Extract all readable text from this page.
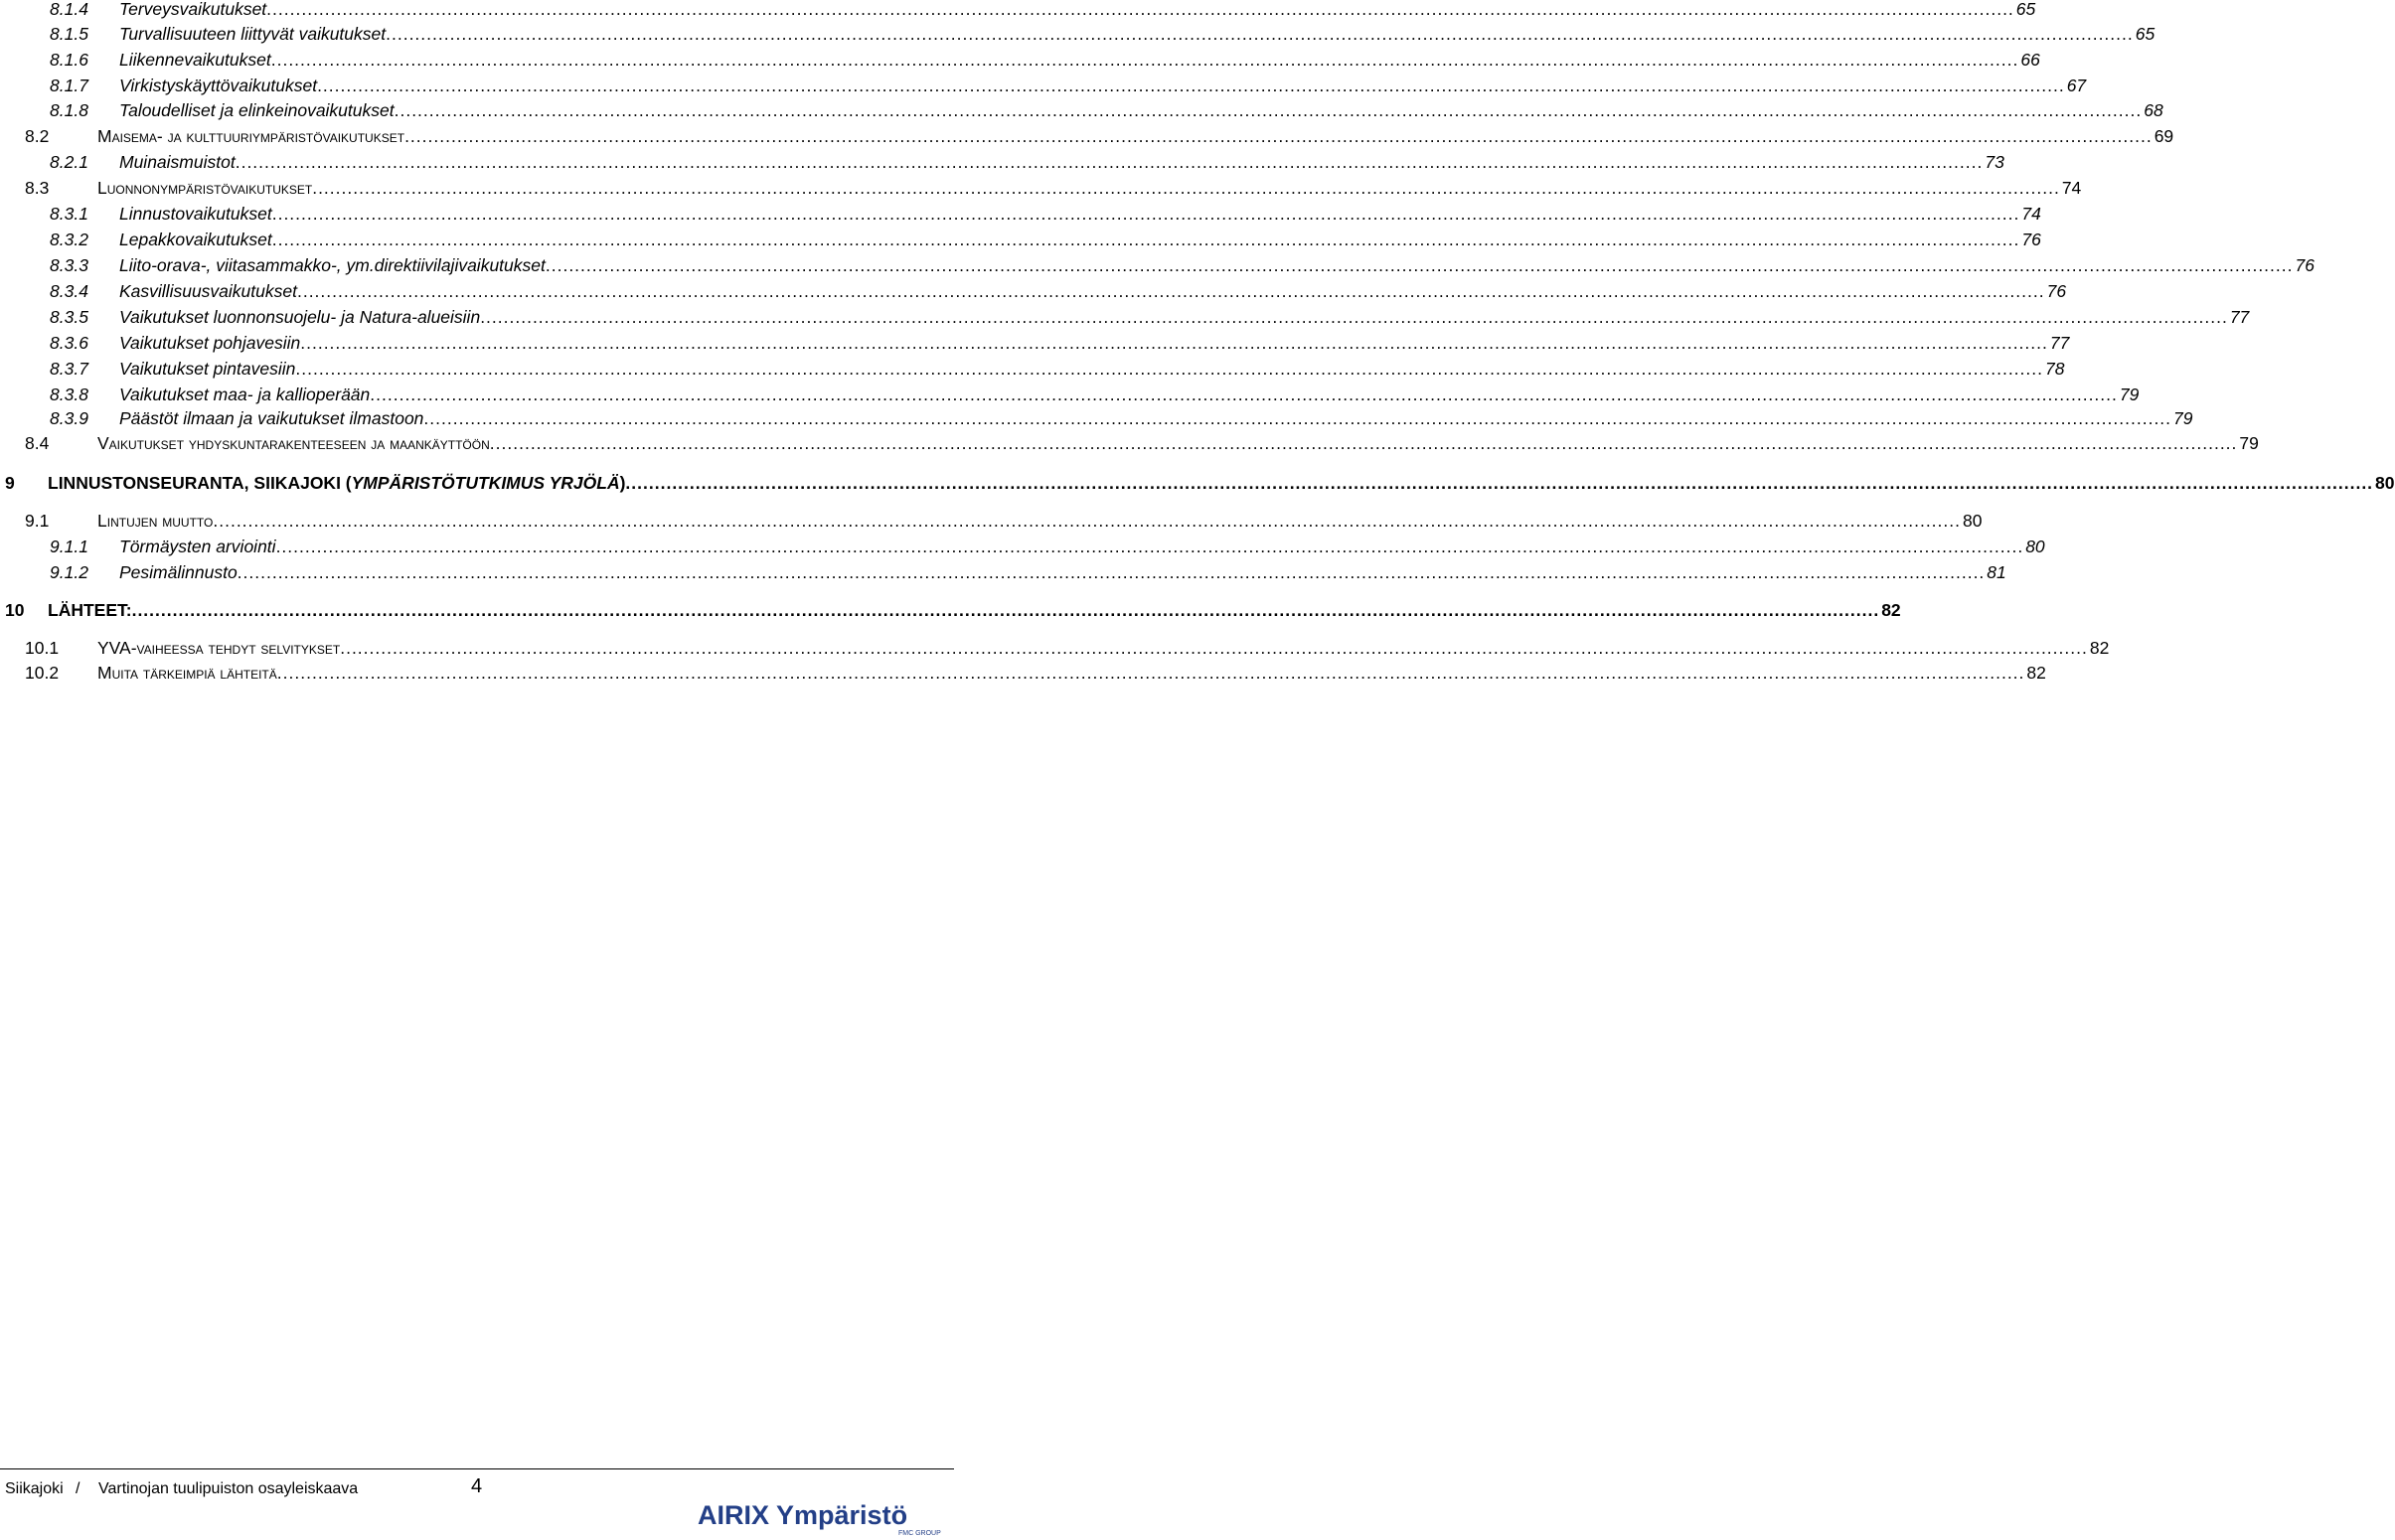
8.1.4 Terveysvaikutukset ............................................................................................................................................................................................................................................................................................................ 65
8.1.5 Turvallisuuteen liittyvät vaikutukset ............................................................................................................................................................................................................................................................................................................ 65
8.1.6 Liikennevaikutukset ............................................................................................................................................................................................................................................................................................................ 66
8.1.7 Virkistyskäyttövaikutukset ............................................................................................................................................................................................................................................................................................................ 67
8.1.8 Taloudelliset ja elinkeinovaikutukset ............................................................................................................................................................................................................................................................................................................ 68
8.2	Maisema- ja kulttuuriympäristövaikutukset ............................................................................................................................................................................................................................................................................................................ 69
8.2.1 Muinaismuistot ............................................................................................................................................................................................................................................................................................................ 73
8.3	Luonnonympäristövaikutukset ............................................................................................................................................................................................................................................................................................................ 74
8.3.1 Linnustovaikutukset ............................................................................................................................................................................................................................................................................................................ 74
8.3.2 Lepakkovaikutukset ............................................................................................................................................................................................................................................................................................................ 76
8.3.3 Liito-orava-, viitasammakko-, ym.direktiivilajivaikutukset ............................................................................................................................................................................................................................................................................................................ 76
8.3.4 Kasvillisuusvaikutukset ............................................................................................................................................................................................................................................................................................................ 76
8.3.5 Vaikutukset luonnonsuojelu- ja Natura-alueisiin ............................................................................................................................................................................................................................................................................................................ 77
8.3.6 Vaikutukset pohjavesiin ............................................................................................................................................................................................................................................................................................................ 77
8.3.7 Vaikutukset pintavesiin ............................................................................................................................................................................................................................................................................................................ 78
8.3.8 Vaikutukset maa- ja kallioperään ............................................................................................................................................................................................................................................................................................................ 79
8.3.9 Päästöt ilmaan ja vaikutukset ilmastoon ............................................................................................................................................................................................................................................................................................................ 79
8.4	Vaikutukset yhdyskuntarakenteeseen ja maankäyttöön ............................................................................................................................................................................................................................................................................................................ 79
9 LINNUSTONSEURANTA, SIIKAJOKI ( YMPÄRISTÖTUTKIMUS YRJÖLÄ ) ............................................................................................................................................................................................................................................................................................................ 80
9.1	Lintujen muutto ............................................................................................................................................................................................................................................................................................................ 80
9.1.1 Törmäysten arviointi ............................................................................................................................................................................................................................................................................................................ 80
9.1.2 Pesimälinnusto ............................................................................................................................................................................................................................................................................................................ 81
10 LÄHTEET: ............................................................................................................................................................................................................................................................................................................ 82
10.1 YVA-vaiheessa tehdyt selvitykset ............................................................................................................................................................................................................................................................................................................ 82
10.2 Muita tärkeimpiä lähteitä ............................................................................................................................................................................................................................................................................................................ 82
Siikajoki / Vartinojan tuulipuiston osayleiskaava	4
AIRIX Ympäristö
FMC GROUP
